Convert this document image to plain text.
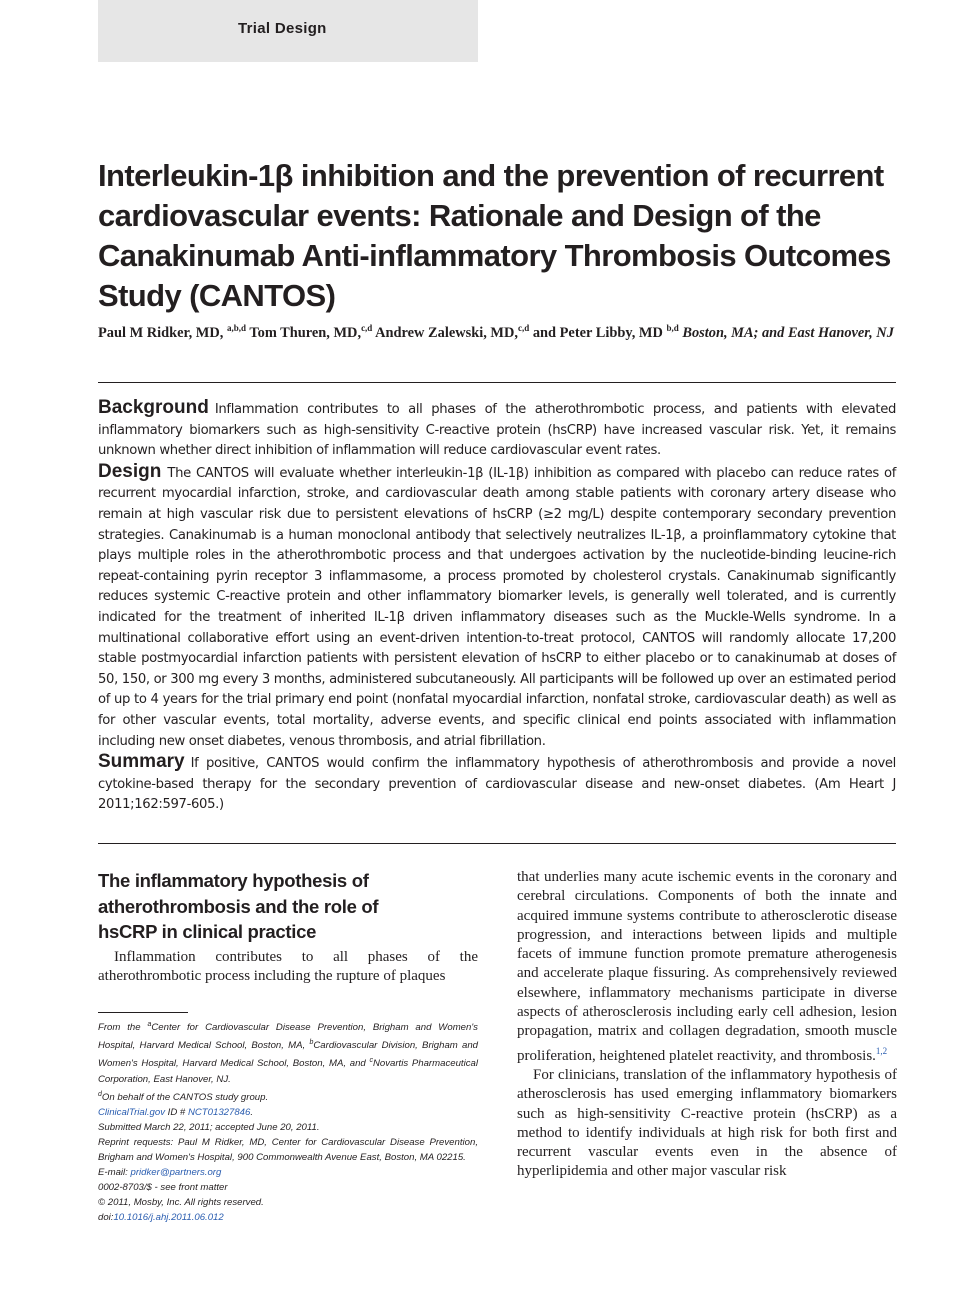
Trial Design
Interleukin-1β inhibition and the prevention of recurrent cardiovascular events: Rationale and Design of the Canakinumab Anti-inflammatory Thrombosis Outcomes Study (CANTOS)

Paul M Ridker, MD, $^{a,b,d}$ Tom Thuren, MD,$^{c,d}$ Andrew Zalewski, MD,$^{c,d}$ and Peter Libby, MD $^{b,d}$ Boston, MA; and East Hanover, NJ

Background Inflammation contributes to all phases of the atherothrombotic process, and patients with elevated inflammatory biomarkers such as high-sensitivity C-reactive protein (hsCRP) have increased vascular risk. Yet, it remains unknown whether direct inhibition of inflammation will reduce cardiovascular event rates.

Design The CANTOS will evaluate whether interleukin-1β (IL-1β) inhibition as compared with placebo can reduce rates of recurrent myocardial infarction, stroke, and cardiovascular death among stable patients with coronary artery disease who remain at high vascular risk due to persistent elevations of hsCRP (≥2 mg/L) despite contemporary secondary prevention strategies. Canakinumab is a human monoclonal antibody that selectively neutralizes IL-1β, a proinflammatory cytokine that plays multiple roles in the atherothrombotic process and that undergoes activation by the nucleotide-binding leucine-rich repeat-containing pyrin receptor 3 inflammasome, a process promoted by cholesterol crystals. Canakinumab significantly reduces systemic C-reactive protein and other inflammatory biomarker levels, is generally well tolerated, and is currently indicated for the treatment of inherited IL-1β driven inflammatory diseases such as the Muckle-Wells syndrome. In a multinational collaborative effort using an event-driven intention-to-treat protocol, CANTOS will randomly allocate 17,200 stable postmyocardial infarction patients with persistent elevation of hsCRP to either placebo or to canakinumab at doses of 50, 150, or 300 mg every 3 months, administered subcutaneously. All participants will be followed up over an estimated period of up to 4 years for the trial primary end point (nonfatal myocardial infarction, nonfatal stroke, cardiovascular death) as well as for other vascular events, total mortality, adverse events, and specific clinical end points associated with inflammation including new onset diabetes, venous thrombosis, and atrial fibrillation.

Summary If positive, CANTOS would confirm the inflammatory hypothesis of atherothrombosis and provide a novel cytokine-based therapy for the secondary prevention of cardiovascular disease and new-onset diabetes. (Am Heart J 2011;162:597-605.)

The inflammatory hypothesis of atherothrombosis and the role of hsCRP in clinical practice

Inflammation contributes to all phases of the atherothrombotic process including the rupture of plaques

From the $^a$Center for Cardiovascular Disease Prevention, Brigham and Women's Hospital, Harvard Medical School, Boston, MA, $^b$Cardiovascular Division, Brigham and Women's Hospital, Harvard Medical School, Boston, MA, and $^c$Novartis Pharmaceutical Corporation, East Hanover, NJ.

$^d$On behalf of the CANTOS study group.

ClinicalTrial.gov ID # NCT01327846.

Submitted March 22, 2011; accepted June 20, 2011.

Reprint requests: Paul M Ridker, MD, Center for Cardiovascular Disease Prevention, Brigham and Women's Hospital, 900 Commonwealth Avenue East, Boston, MA 02215.

E-mail: pridker@partners.org

0002-8703/$ - see front matter

© 2011, Mosby, Inc. All rights reserved.

doi:10.1016/j.ahj.2011.06.012

that underlies many acute ischemic events in the coronary and cerebral circulations. Components of both the innate and acquired immune systems contribute to atherosclerotic disease progression, and interactions between lipids and multiple facets of immune function promote premature atherogenesis and accelerate plaque fissuring. As comprehensively reviewed elsewhere, inflammatory mechanisms participate in diverse aspects of atherosclerosis including early cell adhesion, lesion propagation, matrix and collagen degradation, smooth muscle proliferation, heightened platelet reactivity, and thrombosis.$^{1,2}$

For clinicians, translation of the inflammatory hypothesis of atherosclerosis has used emerging inflammatory biomarkers such as high-sensitivity C-reactive protein (hsCRP) as a method to identify individuals at high risk for both first and recurrent vascular events even in the absence of hyperlipidemia and other major vascular risk
